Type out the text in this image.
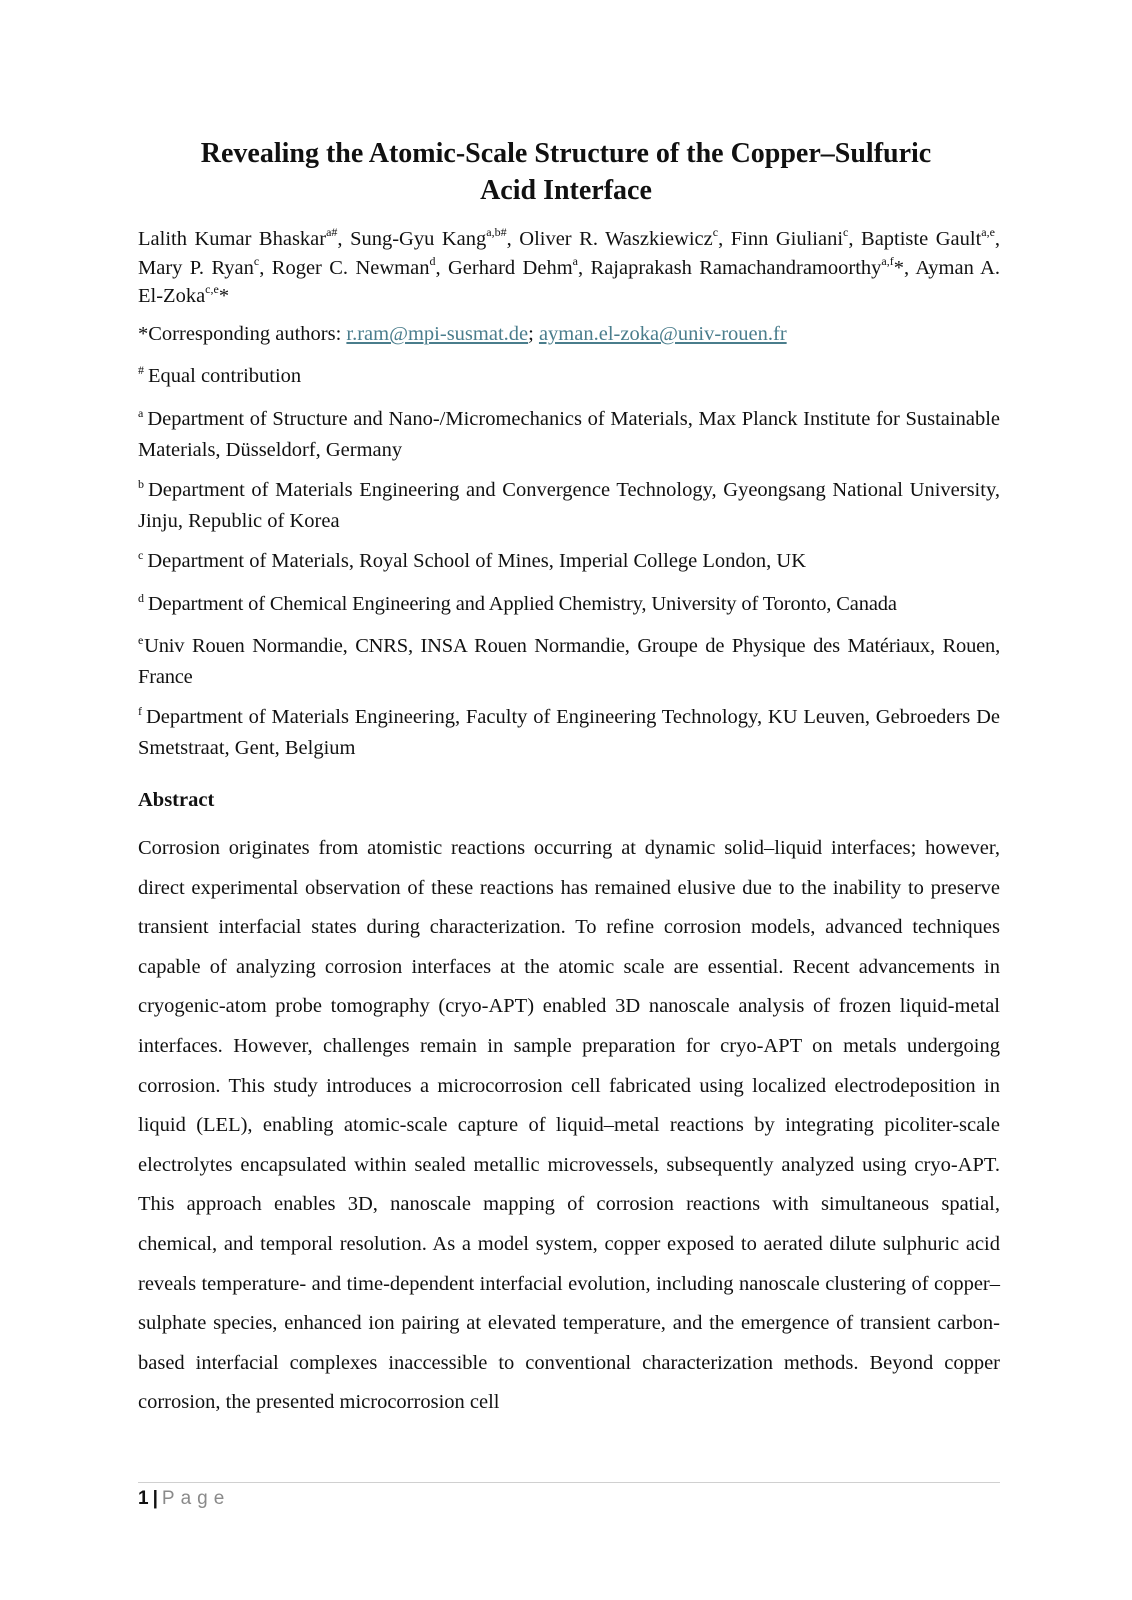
Revealing the Atomic-Scale Structure of the Copper–Sulfuric
Acid Interface
Lalith Kumar Bhaskar$^{a\#}$, Sung-Gyu Kang$^{a,b\#}$, Oliver R. Waszkiewicz$^c$, Finn Giuliani$^c$, Baptiste Gault$^{a,e}$, Mary P. Ryan$^c$, Roger C. Newman$^d$, Gerhard Dehm$^a$, Rajaprakash Ramachandramoorthy$^{a,f}$*, Ayman A. El-Zoka$^{c,e}$*
*Corresponding authors: r.ram@mpi-susmat.de; ayman.el-zoka@univ-rouen.fr
# Equal contribution
$^a$ Department of Structure and Nano-/Micromechanics of Materials, Max Planck Institute for Sustainable Materials, Düsseldorf, Germany
$^b$ Department of Materials Engineering and Convergence Technology, Gyeongsang National University, Jinju, Republic of Korea
$^c$ Department of Materials, Royal School of Mines, Imperial College London, UK
$^d$ Department of Chemical Engineering and Applied Chemistry, University of Toronto, Canada
$^e$Univ Rouen Normandie, CNRS, INSA Rouen Normandie, Groupe de Physique des Matériaux, Rouen, France
$^f$ Department of Materials Engineering, Faculty of Engineering Technology, KU Leuven, Gebroeders De Smetstraat, Gent, Belgium
Abstract
Corrosion originates from atomistic reactions occurring at dynamic solid–liquid interfaces; however, direct experimental observation of these reactions has remained elusive due to the inability to preserve transient interfacial states during characterization. To refine corrosion models, advanced techniques capable of analyzing corrosion interfaces at the atomic scale are essential. Recent advancements in cryogenic-atom probe tomography (cryo-APT) enabled 3D nanoscale analysis of frozen liquid-metal interfaces. However, challenges remain in sample preparation for cryo-APT on metals undergoing corrosion. This study introduces a microcorrosion cell fabricated using localized electrodeposition in liquid (LEL), enabling atomic-scale capture of liquid–metal reactions by integrating picoliter-scale electrolytes encapsulated within sealed metallic microvessels, subsequently analyzed using cryo-APT. This approach enables 3D, nanoscale mapping of corrosion reactions with simultaneous spatial, chemical, and temporal resolution. As a model system, copper exposed to aerated dilute sulphuric acid reveals temperature- and time-dependent interfacial evolution, including nanoscale clustering of copper–sulphate species, enhanced ion pairing at elevated temperature, and the emergence of transient carbon-based interfacial complexes inaccessible to conventional characterization methods. Beyond copper corrosion, the presented microcorrosion cell
1 | Page
